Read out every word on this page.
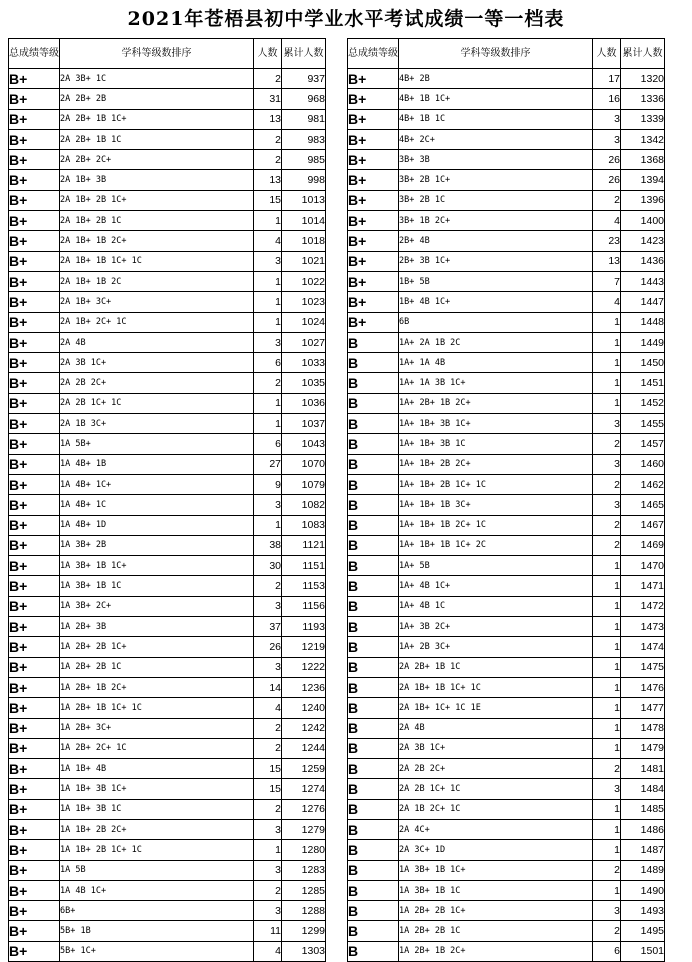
2021年苍梧县初中学业水平考试成绩一等一档表
总成绩等级	学科等级数排序	人数	累计人数
B+	2A 3B+ 1C	2	937
B+	2A 2B+ 2B	31	968
B+	2A 2B+ 1B 1C+	13	981
B+	2A 2B+ 1B 1C	2	983
B+	2A 2B+ 2C+	2	985
B+	2A 1B+ 3B	13	998
B+	2A 1B+ 2B 1C+	15	1013
B+	2A 1B+ 2B 1C	1	1014
B+	2A 1B+ 1B 2C+	4	1018
B+	2A 1B+ 1B 1C+ 1C	3	1021
B+	2A 1B+ 1B 2C	1	1022
B+	2A 1B+ 3C+	1	1023
B+	2A 1B+ 2C+ 1C	1	1024
B+	2A 4B	3	1027
B+	2A 3B 1C+	6	1033
B+	2A 2B 2C+	2	1035
B+	2A 2B 1C+ 1C	1	1036
B+	2A 1B 3C+	1	1037
B+	1A 5B+	6	1043
B+	1A 4B+ 1B	27	1070
B+	1A 4B+ 1C+	9	1079
B+	1A 4B+ 1C	3	1082
B+	1A 4B+ 1D	1	1083
B+	1A 3B+ 2B	38	1121
B+	1A 3B+ 1B 1C+	30	1151
B+	1A 3B+ 1B 1C	2	1153
B+	1A 3B+ 2C+	3	1156
B+	1A 2B+ 3B	37	1193
B+	1A 2B+ 2B 1C+	26	1219
B+	1A 2B+ 2B 1C	3	1222
B+	1A 2B+ 1B 2C+	14	1236
B+	1A 2B+ 1B 1C+ 1C	4	1240
B+	1A 2B+ 3C+	2	1242
B+	1A 2B+ 2C+ 1C	2	1244
B+	1A 1B+ 4B	15	1259
B+	1A 1B+ 3B 1C+	15	1274
B+	1A 1B+ 3B 1C	2	1276
B+	1A 1B+ 2B 2C+	3	1279
B+	1A 1B+ 2B 1C+ 1C	1	1280
B+	1A 5B	3	1283
B+	1A 4B 1C+	2	1285
B+	6B+	3	1288
B+	5B+ 1B	11	1299
B+	5B+ 1C+	4	1303
总成绩等级	学科等级数排序	人数	累计人数
B+	4B+ 2B	17	1320
B+	4B+ 1B 1C+	16	1336
B+	4B+ 1B 1C	3	1339
B+	4B+ 2C+	3	1342
B+	3B+ 3B	26	1368
B+	3B+ 2B 1C+	26	1394
B+	3B+ 2B 1C	2	1396
B+	3B+ 1B 2C+	4	1400
B+	2B+ 4B	23	1423
B+	2B+ 3B 1C+	13	1436
B+	1B+ 5B	7	1443
B+	1B+ 4B 1C+	4	1447
B+	6B	1	1448
B	1A+ 2A 1B 2C	1	1449
B	1A+ 1A 4B	1	1450
B	1A+ 1A 3B 1C+	1	1451
B	1A+ 2B+ 1B 2C+	1	1452
B	1A+ 1B+ 3B 1C+	3	1455
B	1A+ 1B+ 3B 1C	2	1457
B	1A+ 1B+ 2B 2C+	3	1460
B	1A+ 1B+ 2B 1C+ 1C	2	1462
B	1A+ 1B+ 1B 3C+	3	1465
B	1A+ 1B+ 1B 2C+ 1C	2	1467
B	1A+ 1B+ 1B 1C+ 2C	2	1469
B	1A+ 5B	1	1470
B	1A+ 4B 1C+	1	1471
B	1A+ 4B 1C	1	1472
B	1A+ 3B 2C+	1	1473
B	1A+ 2B 3C+	1	1474
B	2A 2B+ 1B 1C	1	1475
B	2A 1B+ 1B 1C+ 1C	1	1476
B	2A 1B+ 1C+ 1C 1E	1	1477
B	2A 4B	1	1478
B	2A 3B 1C+	1	1479
B	2A 2B 2C+	2	1481
B	2A 2B 1C+ 1C	3	1484
B	2A 1B 2C+ 1C	1	1485
B	2A 4C+	1	1486
B	2A 3C+ 1D	1	1487
B	1A 3B+ 1B 1C+	2	1489
B	1A 3B+ 1B 1C	1	1490
B	1A 2B+ 2B 1C+	3	1493
B	1A 2B+ 2B 1C	2	1495
B	1A 2B+ 1B 2C+	6	1501
